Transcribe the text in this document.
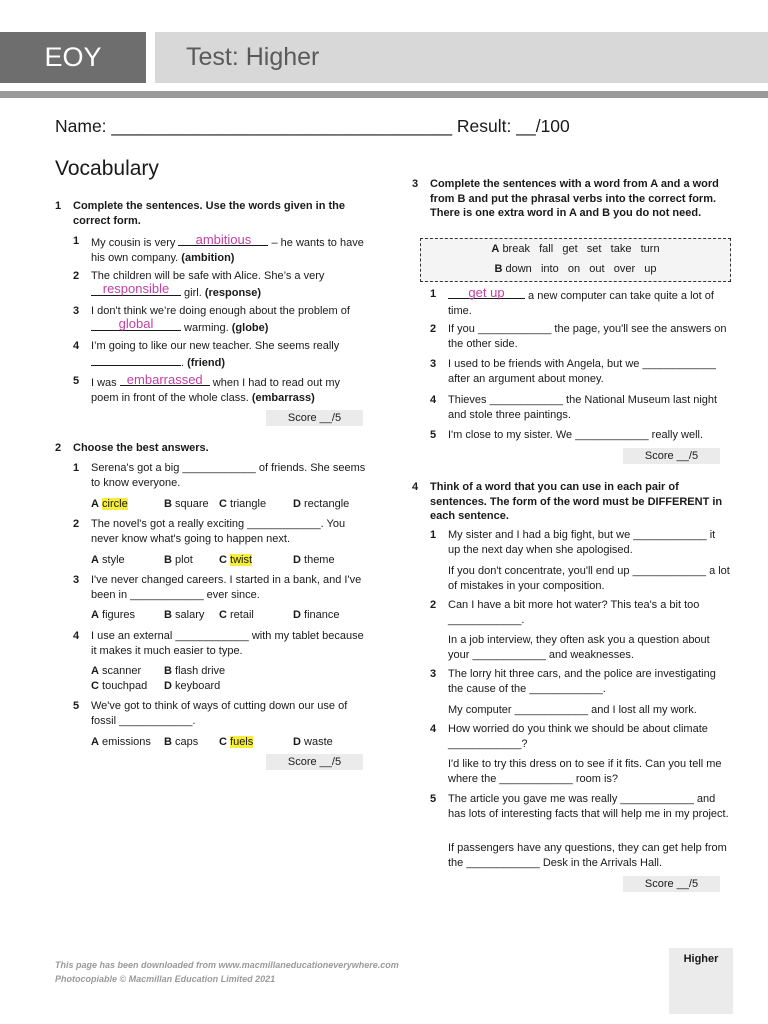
EOY	Test: Higher
Name: ___________________________________ Result: __/100
Vocabulary
1 Complete the sentences. Use the words given in the correct form.
1 My cousin is very	ambitious	– he wants to have his own company. (ambition)
2 The children will be safe with Alice. She’s a very
responsible	girl. (response)
3 I don't think we’re doing enough about the problem of
global	warming. (globe)
4 I’m going to like our new teacher. She seems really
. (friend)
5 I was embarrassed when I had to read out my poem in front of the whole class. (embarrass)
Score __/5
2 Choose the best answers.
1 Serena's got a big ____________ of friends. She seems to know everyone.
A circle	B square C triangle D rectangle
2 The novel's got a really exciting ____________. You never know what's going to happen next.
A style	B plot C twist	D theme
3 I've never changed careers. I started in a bank, and I've been in ____________ ever since.
A figures	B salary C retail	D finance
4 I use an external ____________ with my tablet because it makes it much easier to type.
A scanner B flash drive
C touchpad D keyboard
5 We've got to think of ways of cutting down our use of fossil ____________.
A emissions B caps C fuels	D waste
Score __/5
3 Complete the sentences with a word from A and a word from B and put the phrasal verbs into the correct form. There is one extra word in A and B you do not need.
A break   fall   get   set   take   turn
B down   into   on   out   over   up
1	get up	a new computer can take quite a lot of time.
2 If you ____________ the page, you'll see the answers on the other side.
3 I used to be friends with Angela, but we ____________ after an argument about money.
4 Thieves ____________ the National Museum last night and stole three paintings.
5 I'm close to my sister. We ____________ really well.
Score __/5
4 Think of a word that you can use in each pair of sentences. The form of the word must be DIFFERENT in each sentence.
1 My sister and I had a big fight, but we ____________ it up the next day when she apologised.
If you don't concentrate, you'll end up ____________ a lot of mistakes in your composition.
2 Can I have a bit more hot water? This tea's a bit too ____________.
In a job interview, they often ask you a question about your ____________ and weaknesses.
3 The lorry hit three cars, and the police are investigating the cause of the ____________.
My computer ____________ and I lost all my work.
4 How worried do you think we should be about climate ____________?
I'd like to try this dress on to see if it fits. Can you tell me where the ____________ room is?
5 The article you gave me was really ____________ and has lots of interesting facts that will help me in my project.
If passengers have any questions, they can get help from the ____________ Desk in the Arrivals Hall.
Score __/5
This page has been downloaded from www.macmillaneducationeverywhere.com
Photocopiable © Macmillan Education Limited 2021
Higher
